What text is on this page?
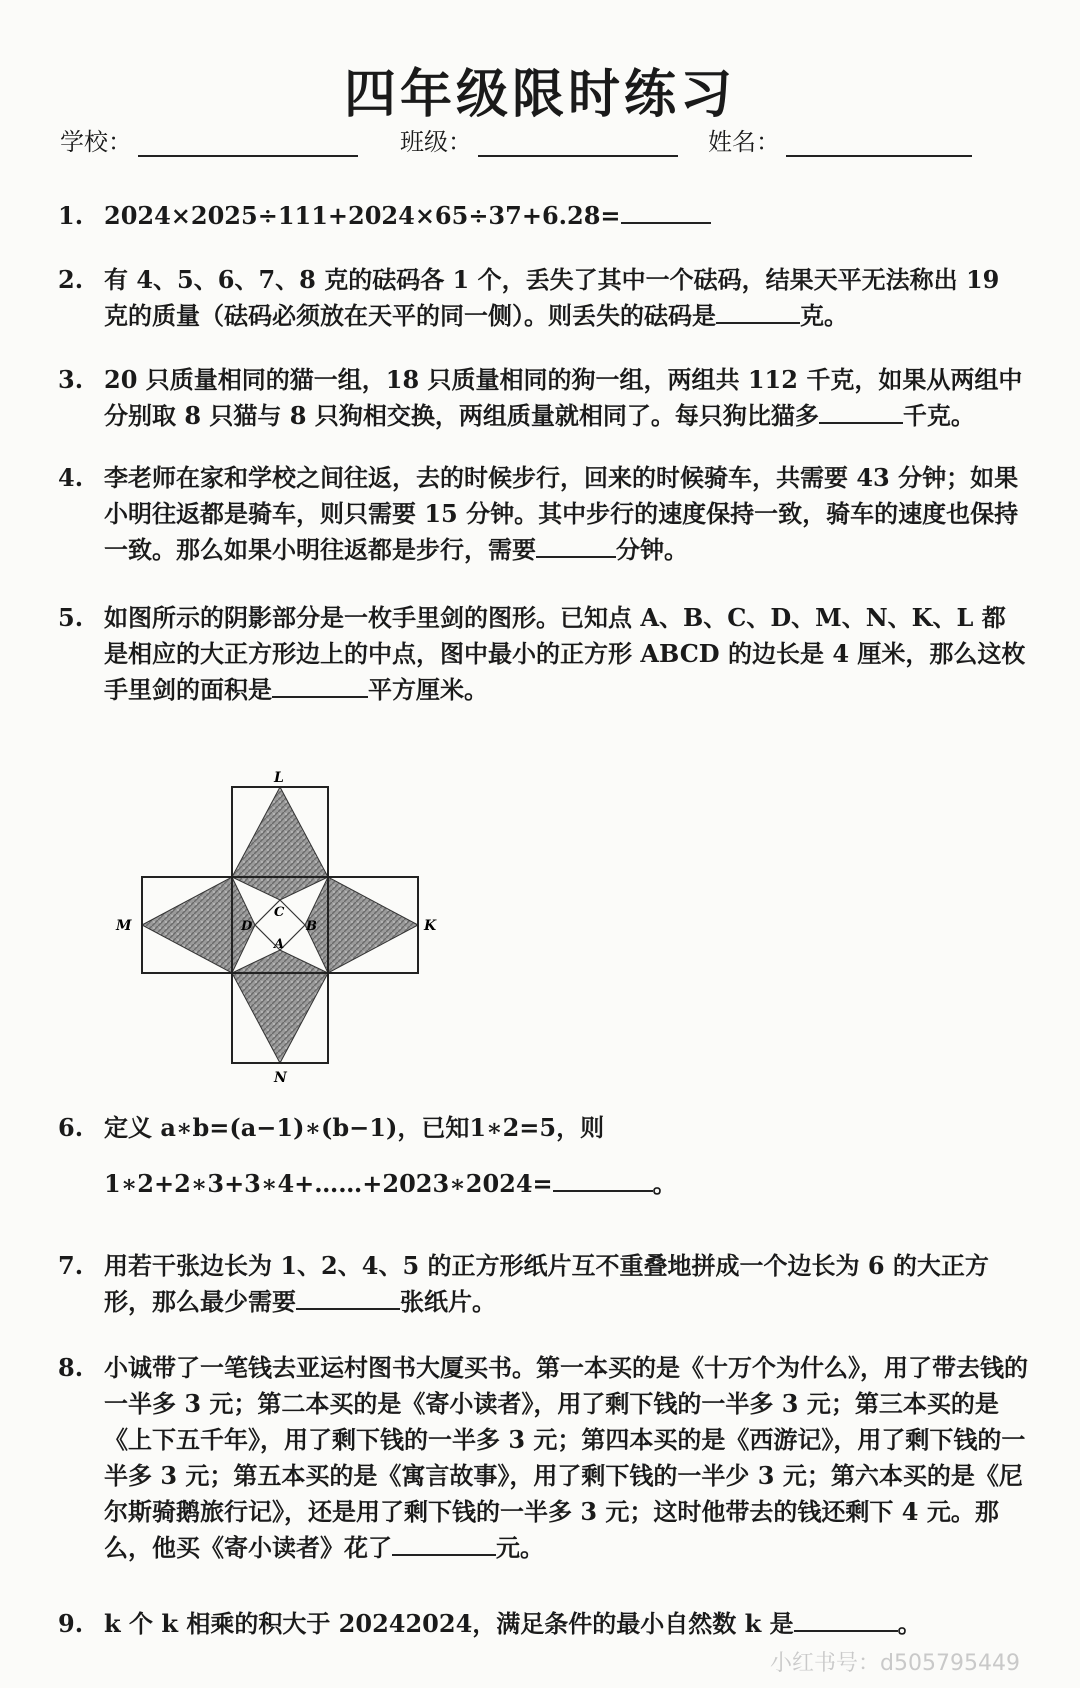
四年级限时练习
学校：	班级：	姓名：
1. 2024×2025÷111+2024×65÷37+6.28=
2. 有 4、5、6、7、8 克的砝码各 1 个，丢失了其中一个砝码，结果天平无法称出 19 克的质量（砝码必须放在天平的同一侧）。则丢失的砝码是	克。
3. 20 只质量相同的猫一组，18 只质量相同的狗一组，两组共 112 千克，如果从两组中分别取 8 只猫与 8 只狗相交换，两组质量就相同了。每只狗比猫多	千克。
4. 李老师在家和学校之间往返，去的时候步行，回来的时候骑车，共需要 43 分钟；如果小明往返都是骑车，则只需要 15 分钟。其中步行的速度保持一致，骑车的速度也保持一致。那么如果小明往返都是步行，需要	分钟。
5. 如图所示的阴影部分是一枚手里剑的图形。已知点 A、B、C、D、M、N、K、L 都是相应的大正方形边上的中点，图中最小的正方形 ABCD 的边长是 4 厘米，那么这枚手里剑的面积是	平方厘米。
L
N
M	K
C
D	B
A
6. 定义 a∗b=(a−1)∗(b−1)，已知1∗2=5，则
1∗2+2∗3+3∗4+……+2023∗2024=	。
7. 用若干张边长为 1、2、4、5 的正方形纸片互不重叠地拼成一个边长为 6 的大正方形，那么最少需要	张纸片。
8. 小诚带了一笔钱去亚运村图书大厦买书。第一本买的是《十万个为什么》，用了带去钱的一半多 3 元；第二本买的是《寄小读者》，用了剩下钱的一半多 3 元；第三本买的是《上下五千年》，用了剩下钱的一半多 3 元；第四本买的是《西游记》，用了剩下钱的一半多 3 元；第五本买的是《寓言故事》，用了剩下钱的一半少 3 元；第六本买的是《尼尔斯骑鹅旅行记》，还是用了剩下钱的一半多 3 元；这时他带去的钱还剩下 4 元。那么，他买《寄小读者》花了	元。
9. k 个 k 相乘的积大于 20242024，满足条件的最小自然数 k 是	。
小红书号：d505795449
